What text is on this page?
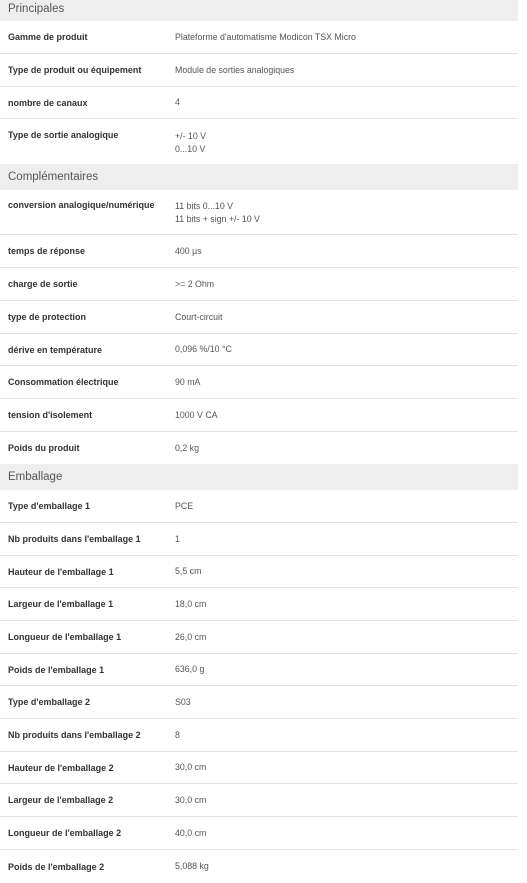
Principales
Gamme de produit	Plateforme d'automatisme Modicon TSX Micro
Type de produit ou équipement	Module de sorties analogiques
nombre de canaux	4
Type de sortie analogique	+/- 10 V
0...10 V
Complémentaires
conversion analogique/numérique	11 bits 0...10 V
11 bits + sign +/- 10 V
temps de réponse	400 µs
charge de sortie	>= 2 Ohm
type de protection	Court-circuit
dérive en température	0,096 %/10 °C
Consommation électrique	90 mA
tension d'isolement	1000 V CA
Poids du produit	0,2 kg
Emballage
Type d'emballage 1	PCE
Nb produits dans l'emballage 1	1
Hauteur de l'emballage 1	5,5 cm
Largeur de l'emballage 1	18,0 cm
Longueur de l'emballage 1	26,0 cm
Poids de l'emballage 1	636,0 g
Type d'emballage 2	S03
Nb produits dans l'emballage 2	8
Hauteur de l'emballage 2	30,0 cm
Largeur de l'emballage 2	30,0 cm
Longueur de l'emballage 2	40,0 cm
Poids de l'emballage 2	5,088 kg
